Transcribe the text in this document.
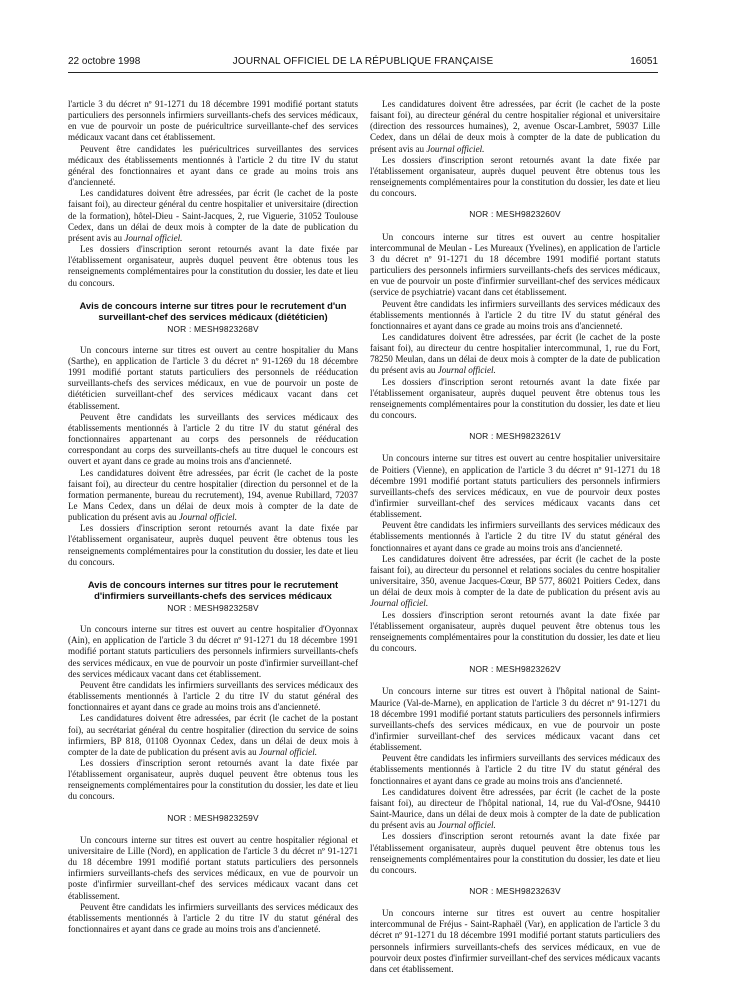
22 octobre 1998	JOURNAL OFFICIEL DE LA RÉPUBLIQUE FRANÇAISE	16051

l'article 3 du décret nº 91-1271 du 18 décembre 1991 modifié portant statuts particuliers des personnels infirmiers surveillants-chefs des services médicaux, en vue de pourvoir un poste de puéricultrice surveillante-chef des services médicaux vacant dans cet établissement.

Peuvent être candidates les puéricultrices surveillantes des services médicaux des établissements mentionnés à l'article 2 du titre IV du statut général des fonctionnaires et ayant dans ce grade au moins trois ans d'ancienneté.

Les candidatures doivent être adressées, par écrit (le cachet de la poste faisant foi), au directeur général du centre hospitalier et universitaire (direction de la formation), hôtel-Dieu - Saint-Jacques, 2, rue Viguerie, 31052 Toulouse Cedex, dans un délai de deux mois à compter de la date de publication du présent avis au Journal officiel.

Les dossiers d'inscription seront retournés avant la date fixée par l'établissement organisateur, auprès duquel peuvent être obtenus tous les renseignements complémentaires pour la constitution du dossier, les date et lieu du concours.

Avis de concours interne sur titres pour le recrutement d'un surveillant-chef des services médicaux (diététicien)
NOR : MESH9823268V

Un concours interne sur titres est ouvert au centre hospitalier du Mans (Sarthe), en application de l'article 3 du décret nº 91-1269 du 18 décembre 1991 modifié portant statuts particuliers des personnels de rééducation surveillants-chefs des services médicaux, en vue de pourvoir un poste de diététicien surveillant-chef des services médicaux vacant dans cet établissement.

Peuvent être candidats les surveillants des services médicaux des établissements mentionnés à l'article 2 du titre IV du statut général des fonctionnaires appartenant au corps des personnels de rééducation correspondant au corps des surveillants-chefs au titre duquel le concours est ouvert et ayant dans ce grade au moins trois ans d'ancienneté.

Les candidatures doivent être adressées, par écrit (le cachet de la poste faisant foi), au directeur du centre hospitalier (direction du personnel et de la formation permanente, bureau du recrutement), 194, avenue Rubillard, 72037 Le Mans Cedex, dans un délai de deux mois à compter de la date de publication du présent avis au Journal officiel.

Les dossiers d'inscription seront retournés avant la date fixée par l'établissement organisateur, auprès duquel peuvent être obtenus tous les renseignements complémentaires pour la constitution du dossier, les date et lieu du concours.

Avis de concours internes sur titres pour le recrutement d'infirmiers surveillants-chefs des services médicaux
NOR : MESH9823258V

Un concours interne sur titres est ouvert au centre hospitalier d'Oyonnax (Ain), en application de l'article 3 du décret nº 91-1271 du 18 décembre 1991 modifié portant statuts particuliers des personnels infirmiers surveillants-chefs des services médicaux, en vue de pourvoir un poste d'infirmier surveillant-chef des services médicaux vacant dans cet établissement.

Peuvent être candidats les infirmiers surveillants des services médicaux des établissements mentionnés à l'article 2 du titre IV du statut général des fonctionnaires et ayant dans ce grade au moins trois ans d'ancienneté.

Les candidatures doivent être adressées, par écrit (le cachet de la postant foi), au secrétariat général du centre hospitalier (direction du service de soins infirmiers, BP 818, 01108 Oyonnax Cedex, dans un délai de deux mois à compter de la date de publication du présent avis au Journal officiel.

Les dossiers d'inscription seront retournés avant la date fixée par l'établissement organisateur, auprès duquel peuvent être obtenus tous les renseignements complémentaires pour la constitution du dossier, les date et lieu du concours.

NOR : MESH9823259V

Un concours interne sur titres est ouvert au centre hospitalier régional et universitaire de Lille (Nord), en application de l'article 3 du décret nº 91-1271 du 18 décembre 1991 modifié portant statuts particuliers des personnels infirmiers surveillants-chefs des services médicaux, en vue de pourvoir un poste d'infirmier surveillant-chef des services médicaux vacant dans cet établissement.

Peuvent être candidats les infirmiers surveillants des services médicaux des établissements mentionnés à l'article 2 du titre IV du statut général des fonctionnaires et ayant dans ce grade au moins trois ans d'ancienneté.

Les candidatures doivent être adressées, par écrit (le cachet de la poste faisant foi), au directeur général du centre hospitalier régional et universitaire (direction des ressources humaines), 2, avenue Oscar-Lambret, 59037 Lille Cedex, dans un délai de deux mois à compter de la date de publication du présent avis au Journal officiel.

Les dossiers d'inscription seront retournés avant la date fixée par l'établissement organisateur, auprès duquel peuvent être obtenus tous les renseignements complémentaires pour la constitution du dossier, les date et lieu du concours.

NOR : MESH9823260V

Un concours interne sur titres est ouvert au centre hospitalier intercommunal de Meulan - Les Mureaux (Yvelines), en application de l'article 3 du décret nº 91-1271 du 18 décembre 1991 modifié portant statuts particuliers des personnels infirmiers surveillants-chefs des services médicaux, en vue de pourvoir un poste d'infirmier surveillant-chef des services médicaux (service de psychiatrie) vacant dans cet établissement.

Peuvent être candidats les infirmiers surveillants des services médicaux des établissements mentionnés à l'article 2 du titre IV du statut général des fonctionnaires et ayant dans ce grade au moins trois ans d'ancienneté.

Les candidatures doivent être adressées, par écrit (le cachet de la poste faisant foi), au directeur du centre hospitalier intercommunal, 1, rue du Fort, 78250 Meulan, dans un délai de deux mois à compter de la date de publication du présent avis au Journal officiel.

Les dossiers d'inscription seront retournés avant la date fixée par l'établissement organisateur, auprès duquel peuvent être obtenus tous les renseignements complémentaires pour la constitution du dossier, les date et lieu du concours.

NOR : MESH9823261V

Un concours interne sur titres est ouvert au centre hospitalier universitaire de Poitiers (Vienne), en application de l'article 3 du décret nº 91-1271 du 18 décembre 1991 modifié portant statuts particuliers des personnels infirmiers surveillants-chefs des services médicaux, en vue de pourvoir deux postes d'infirmier surveillant-chef des services médicaux vacants dans cet établissement.

Peuvent être candidats les infirmiers surveillants des services médicaux des établissements mentionnés à l'article 2 du titre IV du statut général des fonctionnaires et ayant dans ce grade au moins trois ans d'ancienneté.

Les candidatures doivent être adressées, par écrit (le cachet de la poste faisant foi), au directeur du personnel et relations sociales du centre hospitalier universitaire, 350, avenue Jacques-Cœur, BP 577, 86021 Poitiers Cedex, dans un délai de deux mois à compter de la date de publication du présent avis au Journal officiel.

Les dossiers d'inscription seront retournés avant la date fixée par l'établissement organisateur, auprès duquel peuvent être obtenus tous les renseignements complémentaires pour la constitution du dossier, les date et lieu du concours.

NOR : MESH9823262V

Un concours interne sur titres est ouvert à l'hôpital national de Saint-Maurice (Val-de-Marne), en application de l'article 3 du décret nº 91-1271 du 18 décembre 1991 modifié portant statuts particuliers des personnels infirmiers surveillants-chefs des services médicaux, en vue de pourvoir un poste d'infirmier surveillant-chef des services médicaux vacant dans cet établissement.

Peuvent être candidats les infirmiers surveillants des services médicaux des établissements mentionnés à l'article 2 du titre IV du statut général des fonctionnaires et ayant dans ce grade au moins trois ans d'ancienneté.

Les candidatures doivent être adressées, par écrit (le cachet de la poste faisant foi), au directeur de l'hôpital national, 14, rue du Val-d'Osne, 94410 Saint-Maurice, dans un délai de deux mois à compter de la date de publication du présent avis au Journal officiel.

Les dossiers d'inscription seront retournés avant la date fixée par l'établissement organisateur, auprès duquel peuvent être obtenus tous les renseignements complémentaires pour la constitution du dossier, les date et lieu du concours.

NOR : MESH9823263V

Un concours interne sur titres est ouvert au centre hospitalier intercommunal de Fréjus - Saint-Raphaël (Var), en application de l'article 3 du décret nº 91-1271 du 18 décembre 1991 modifié portant statuts particuliers des personnels infirmiers surveillants-chefs des services médicaux, en vue de pourvoir deux postes d'infirmier surveillant-chef des services médicaux vacants dans cet établissement.
